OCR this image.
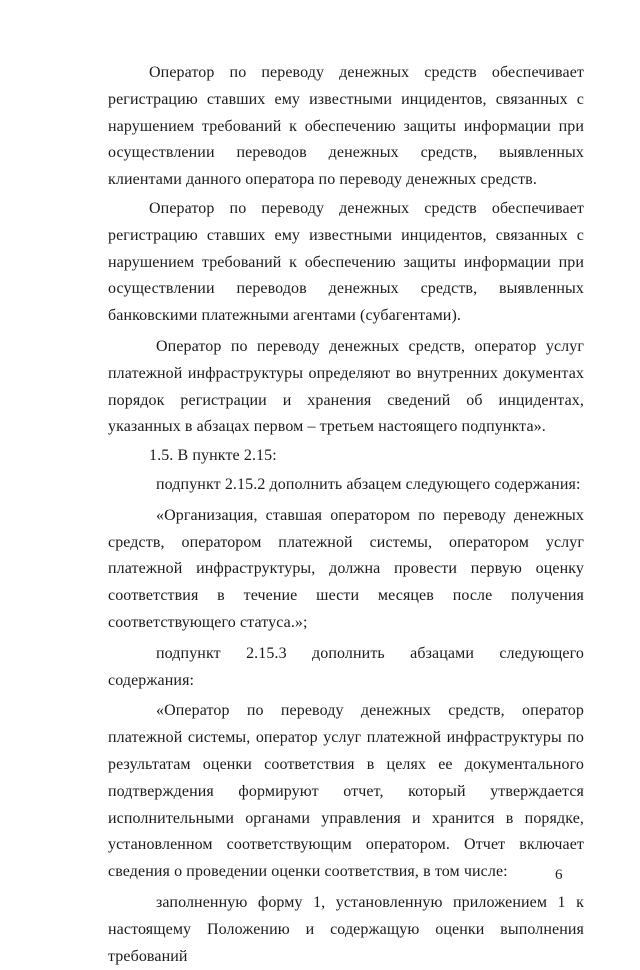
Оператор по переводу денежных средств обеспечивает регистрацию ставших ему известными инцидентов, связанных с нарушением требований к обеспечению защиты информации при осуществлении переводов денежных средств, выявленных клиентами данного оператора по переводу денежных средств.

Оператор по переводу денежных средств обеспечивает регистрацию ставших ему известными инцидентов, связанных с нарушением требований к обеспечению защиты информации при осуществлении переводов денежных средств, выявленных банковскими платежными агентами (субагентами).

Оператор по переводу денежных средств, оператор услуг платежной инфраструктуры определяют во внутренних документах порядок регистрации и хранения сведений об инцидентах, указанных в абзацах первом – третьем настоящего подпункта».

1.5. В пункте 2.15:

подпункт 2.15.2 дополнить абзацем следующего содержания:

«Организация, ставшая оператором по переводу денежных средств, оператором платежной системы, оператором услуг платежной инфраструктуры, должна провести первую оценку соответствия в течение шести месяцев после получения соответствующего статуса.»;

подпункт 2.15.3 дополнить абзацами следующего содержания:

«Оператор по переводу денежных средств, оператор платежной системы, оператор услуг платежной инфраструктуры по результатам оценки соответствия в целях ее документального подтверждения формируют отчет, который утверждается исполнительными органами управления и хранится в порядке, установленном соответствующим оператором. Отчет включает сведения о проведении оценки соответствия, в том числе:

заполненную форму 1, установленную приложением 1 к настоящему Положению и содержащую оценки выполнения требований

6
